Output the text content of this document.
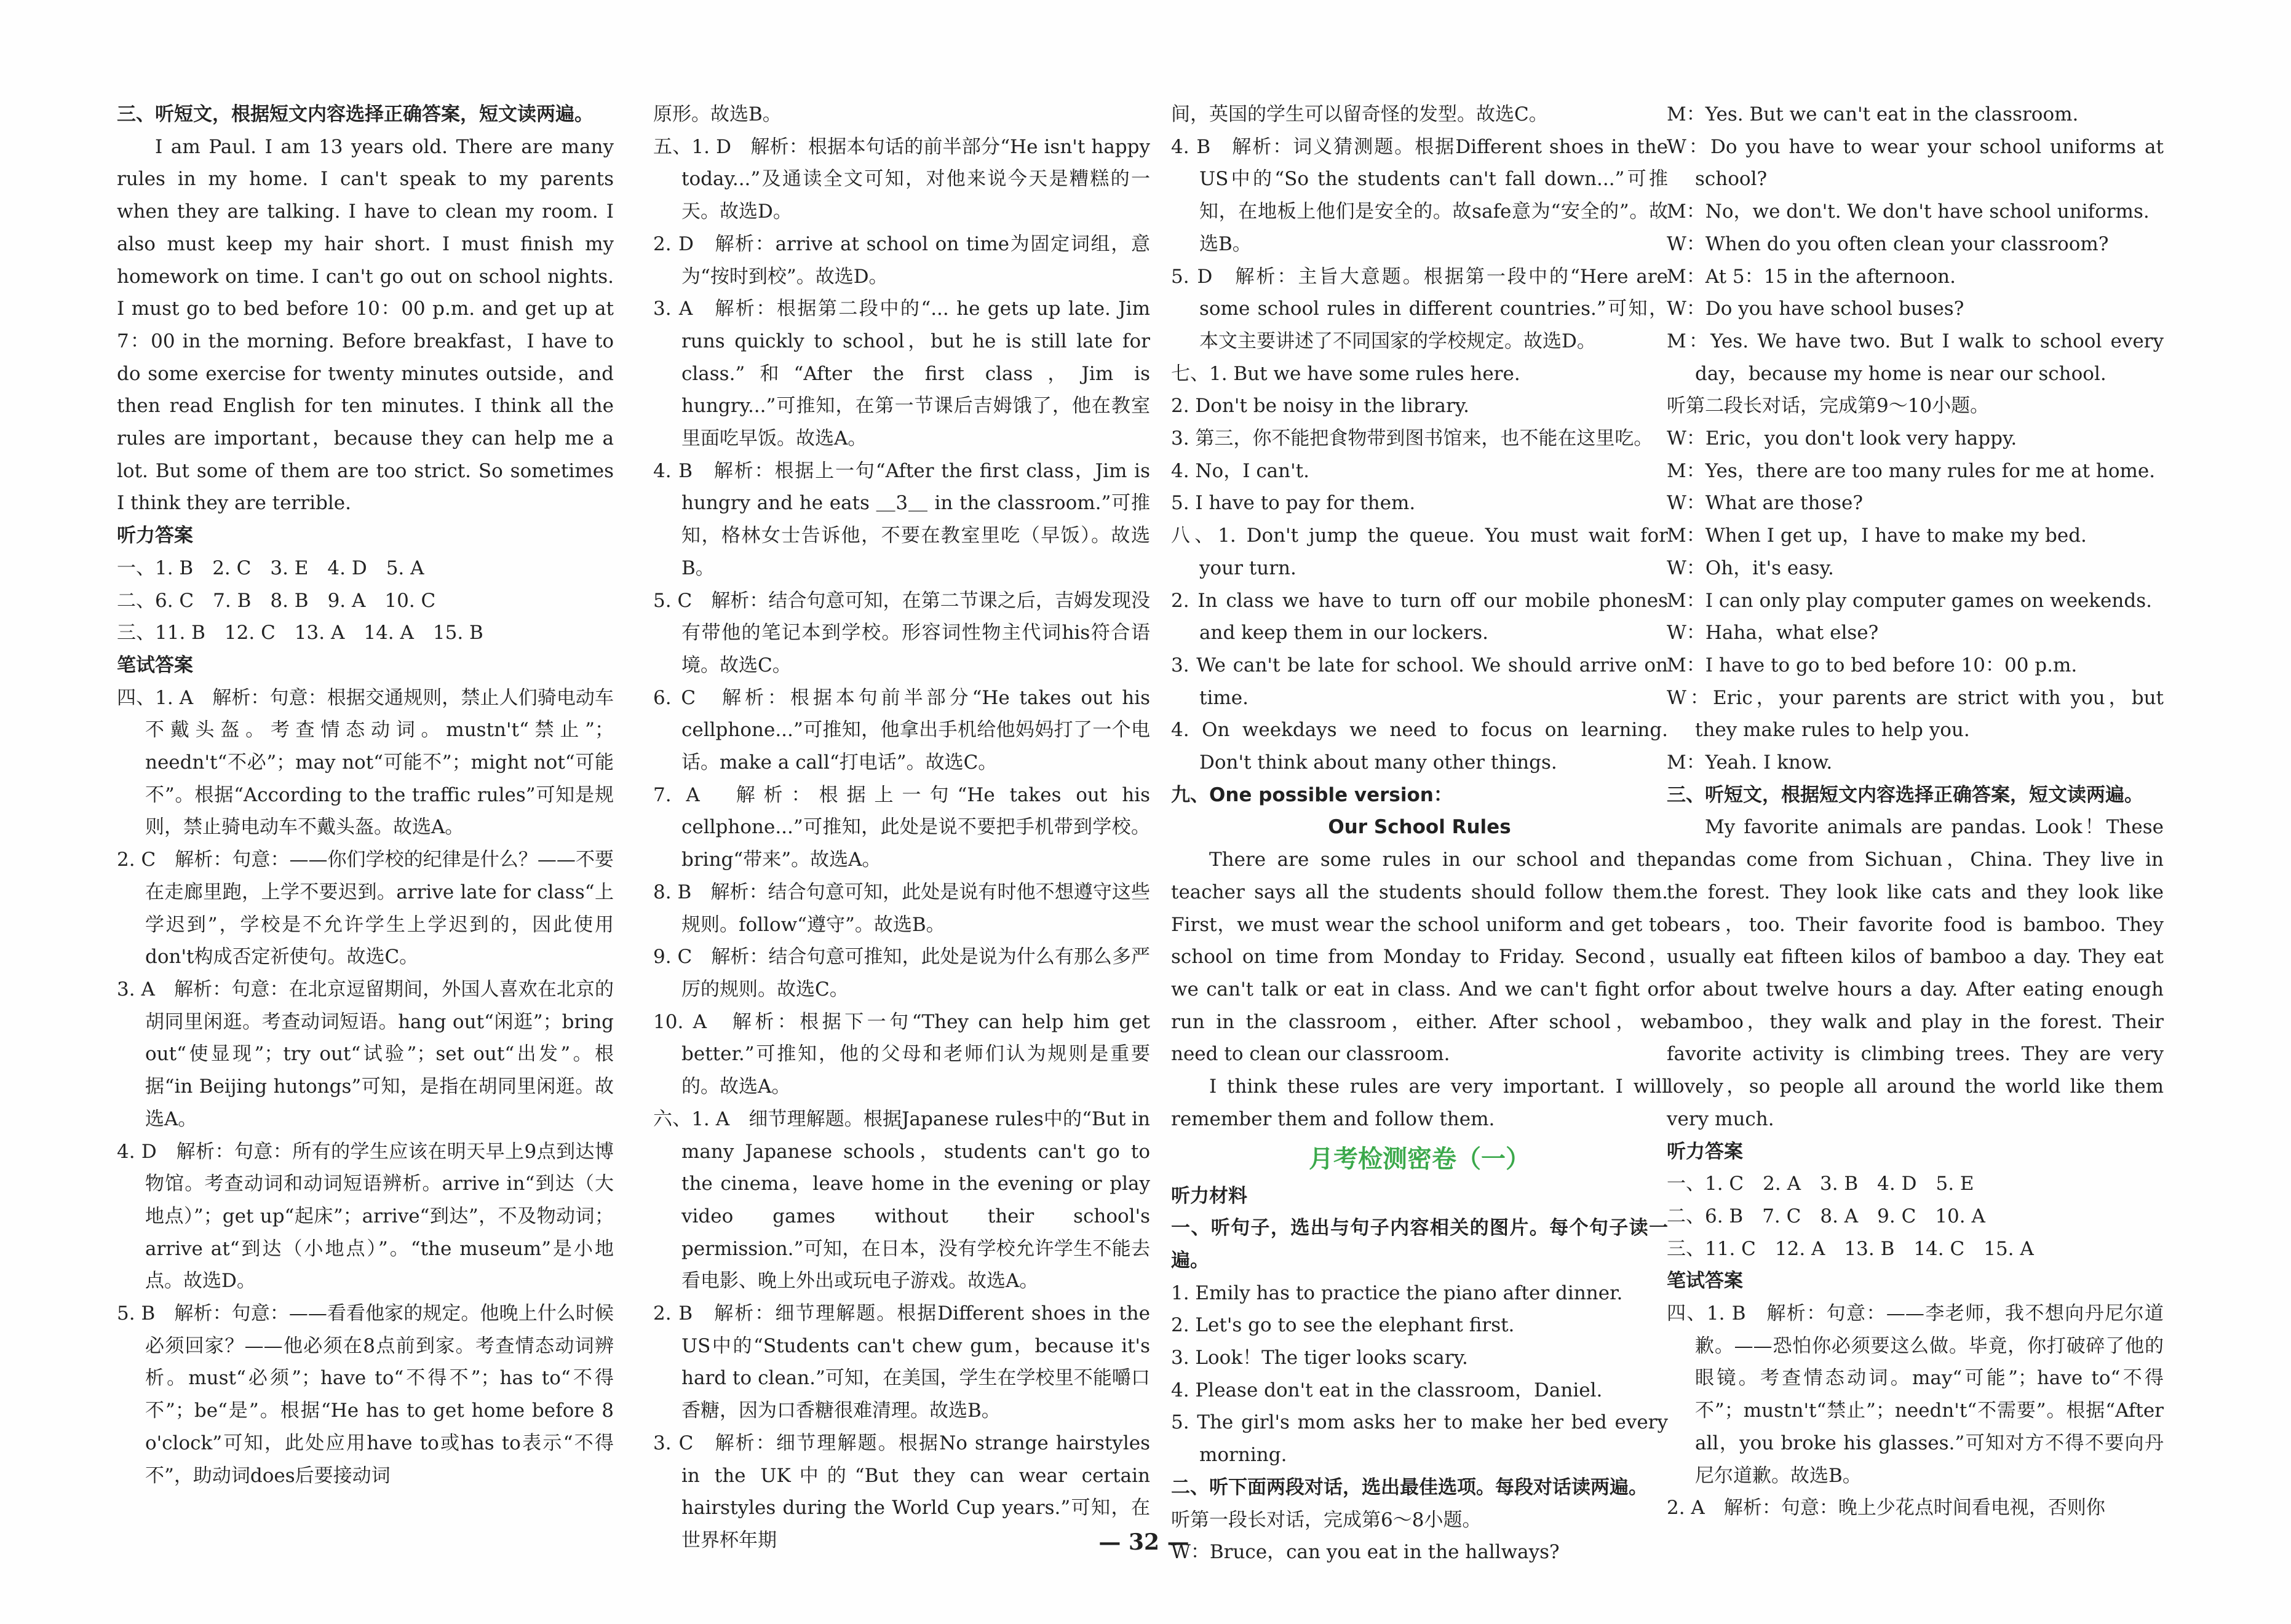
三、听短文，根据短文内容选择正确答案，短文读两遍。
I am Paul. I am 13 years old. There are many rules in my home. I can't speak to my parents when they are talking. I have to clean my room. I also must keep my hair short. I must finish my homework on time. I can't go out on school nights. I must go to bed before 10：00 p.m. and get up at 7：00 in the morning. Before breakfast，I have to do some exercise for twenty minutes outside，and then read English for ten minutes. I think all the rules are important，because they can help me a lot. But some of them are too strict. So sometimes I think they are terrible.
听力答案
一、1. B　2. C　3. E　4. D　5. A
二、6. C　7. B　8. B　9. A　10. C
三、11. B　12. C　13. A　14. A　15. B
笔试答案
四、1. A　解析：句意：根据交通规则，禁止人们骑电动车不戴头盔。考查情态动词。mustn't“禁止”；needn't“不必”；may not“可能不”；might not“可能不”。根据“According to the traffic rules”可知是规则，禁止骑电动车不戴头盔。故选A。
2. C　解析：句意：——你们学校的纪律是什么？——不要在走廊里跑，上学不要迟到。arrive late for class“上学迟到”，学校是不允许学生上学迟到的，因此使用don't构成否定祈使句。故选C。
3. A　解析：句意：在北京逗留期间，外国人喜欢在北京的胡同里闲逛。考查动词短语。hang out“闲逛”；bring out“使显现”；try out“试验”；set out“出发”。根据“in Beijing hutongs”可知，是指在胡同里闲逛。故选A。
4. D　解析：句意：所有的学生应该在明天早上9点到达博物馆。考查动词和动词短语辨析。arrive in“到达（大地点）”；get up“起床”；arrive“到达”，不及物动词；arrive at“到达（小地点）”。“the museum”是小地点。故选D。
5. B　解析：句意：——看看他家的规定。他晚上什么时候必须回家？——他必须在8点前到家。考查情态动词辨析。must“必须”；have to“不得不”；has to“不得不”；be“是”。根据“He has to get home before 8 o'clock”可知，此处应用have to或has to表示“不得不”，助动词does后要接动词
原形。故选B。
五、1. D　解析：根据本句话的前半部分“He isn't happy today...”及通读全文可知，对他来说今天是糟糕的一天。故选D。
2. D　解析：arrive at school on time为固定词组，意为“按时到校”。故选D。
3. A　解析：根据第二段中的“... he gets up late. Jim runs quickly to school，but he is still late for class.”和“After the first class，Jim is hungry...”可推知，在第一节课后吉姆饿了，他在教室里面吃早饭。故选A。
4. B　解析：根据上一句“After the first class，Jim is hungry and he eats ＿3＿ in the classroom.”可推知，格林女士告诉他，不要在教室里吃（早饭）。故选B。
5. C　解析：结合句意可知，在第二节课之后，吉姆发现没有带他的笔记本到学校。形容词性物主代词his符合语境。故选C。
6. C　解析：根据本句前半部分“He takes out his cellphone...”可推知，他拿出手机给他妈妈打了一个电话。make a call“打电话”。故选C。
7. A　解析：根据上一句“He takes out his cellphone...”可推知，此处是说不要把手机带到学校。bring“带来”。故选A。
8. B　解析：结合句意可知，此处是说有时他不想遵守这些规则。follow“遵守”。故选B。
9. C　解析：结合句意可推知，此处是说为什么有那么多严厉的规则。故选C。
10. A　解析：根据下一句“They can help him get better.”可推知，他的父母和老师们认为规则是重要的。故选A。
六、1. A　细节理解题。根据Japanese rules中的“But in many Japanese schools，students can't go to the cinema，leave home in the evening or play video games without their school's permission.”可知，在日本，没有学校允许学生不能去看电影、晚上外出或玩电子游戏。故选A。
2. B　解析：细节理解题。根据Different shoes in the US中的“Students can't chew gum，because it's hard to clean.”可知，在美国，学生在学校里不能嚼口香糖，因为口香糖很难清理。故选B。
3. C　解析：细节理解题。根据No strange hairstyles in the UK中的“But they can wear certain hairstyles during the World Cup years.”可知，在世界杯年期
间，英国的学生可以留奇怪的发型。故选C。
4. B　解析：词义猜测题。根据Different shoes in the US中的“So the students can't fall down...”可推知，在地板上他们是安全的。故safe意为“安全的”。故选B。
5. D　解析：主旨大意题。根据第一段中的“Here are some school rules in different countries.”可知，本文主要讲述了不同国家的学校规定。故选D。
七、1. But we have some rules here.
2. Don't be noisy in the library.
3. 第三，你不能把食物带到图书馆来，也不能在这里吃。
4. No，I can't.
5. I have to pay for them.
八、1. Don't jump the queue. You must wait for your turn.
2. In class we have to turn off our mobile phones and keep them in our lockers.
3. We can't be late for school. We should arrive on time.
4. On weekdays we need to focus on learning. Don't think about many other things.
九、One possible version：
Our School Rules
There are some rules in our school and the teacher says all the students should follow them. First，we must wear the school uniform and get to school on time from Monday to Friday. Second，we can't talk or eat in class. And we can't fight or run in the classroom，either. After school，we need to clean our classroom.
I think these rules are very important. I will remember them and follow them.
月考检测密卷（一）
听力材料
一、听句子，选出与句子内容相关的图片。每个句子读一遍。
1. Emily has to practice the piano after dinner.
2. Let's go to see the elephant first.
3. Look！The tiger looks scary.
4. Please don't eat in the classroom，Daniel.
5. The girl's mom asks her to make her bed every morning.
二、听下面两段对话，选出最佳选项。每段对话读两遍。
听第一段长对话，完成第6～8小题。
W：Bruce，can you eat in the hallways?
M：Yes. But we can't eat in the classroom.
W：Do you have to wear your school uniforms at school?
M：No，we don't. We don't have school uniforms.
W：When do you often clean your classroom?
M：At 5：15 in the afternoon.
W：Do you have school buses?
M：Yes. We have two. But I walk to school every day，because my home is near our school.
听第二段长对话，完成第9～10小题。
W：Eric，you don't look very happy.
M：Yes，there are too many rules for me at home.
W：What are those?
M：When I get up，I have to make my bed.
W：Oh，it's easy.
M：I can only play computer games on weekends.
W：Haha，what else?
M：I have to go to bed before 10：00 p.m.
W：Eric，your parents are strict with you，but they make rules to help you.
M：Yeah. I know.
三、听短文，根据短文内容选择正确答案，短文读两遍。
My favorite animals are pandas. Look！These pandas come from Sichuan，China. They live in the forest. They look like cats and they look like bears，too. Their favorite food is bamboo. They usually eat fifteen kilos of bamboo a day. They eat for about twelve hours a day. After eating enough bamboo，they walk and play in the forest. Their favorite activity is climbing trees. They are very lovely，so people all around the world like them very much.
听力答案
一、1. C　2. A　3. B　4. D　5. E
二、6. B　7. C　8. A　9. C　10. A
三、11. C　12. A　13. B　14. C　15. A
笔试答案
四、1. B　解析：句意：——李老师，我不想向丹尼尔道歉。——恐怕你必须要这么做。毕竟，你打破碎了他的眼镜。考查情态动词。may“可能”；have to“不得不”；mustn't“禁止”；needn't“不需要”。根据“After all，you broke his glasses.”可知对方不得不要向丹尼尔道歉。故选B。
2. A　解析：句意：晚上少花点时间看电视，否则你
— 32 —
